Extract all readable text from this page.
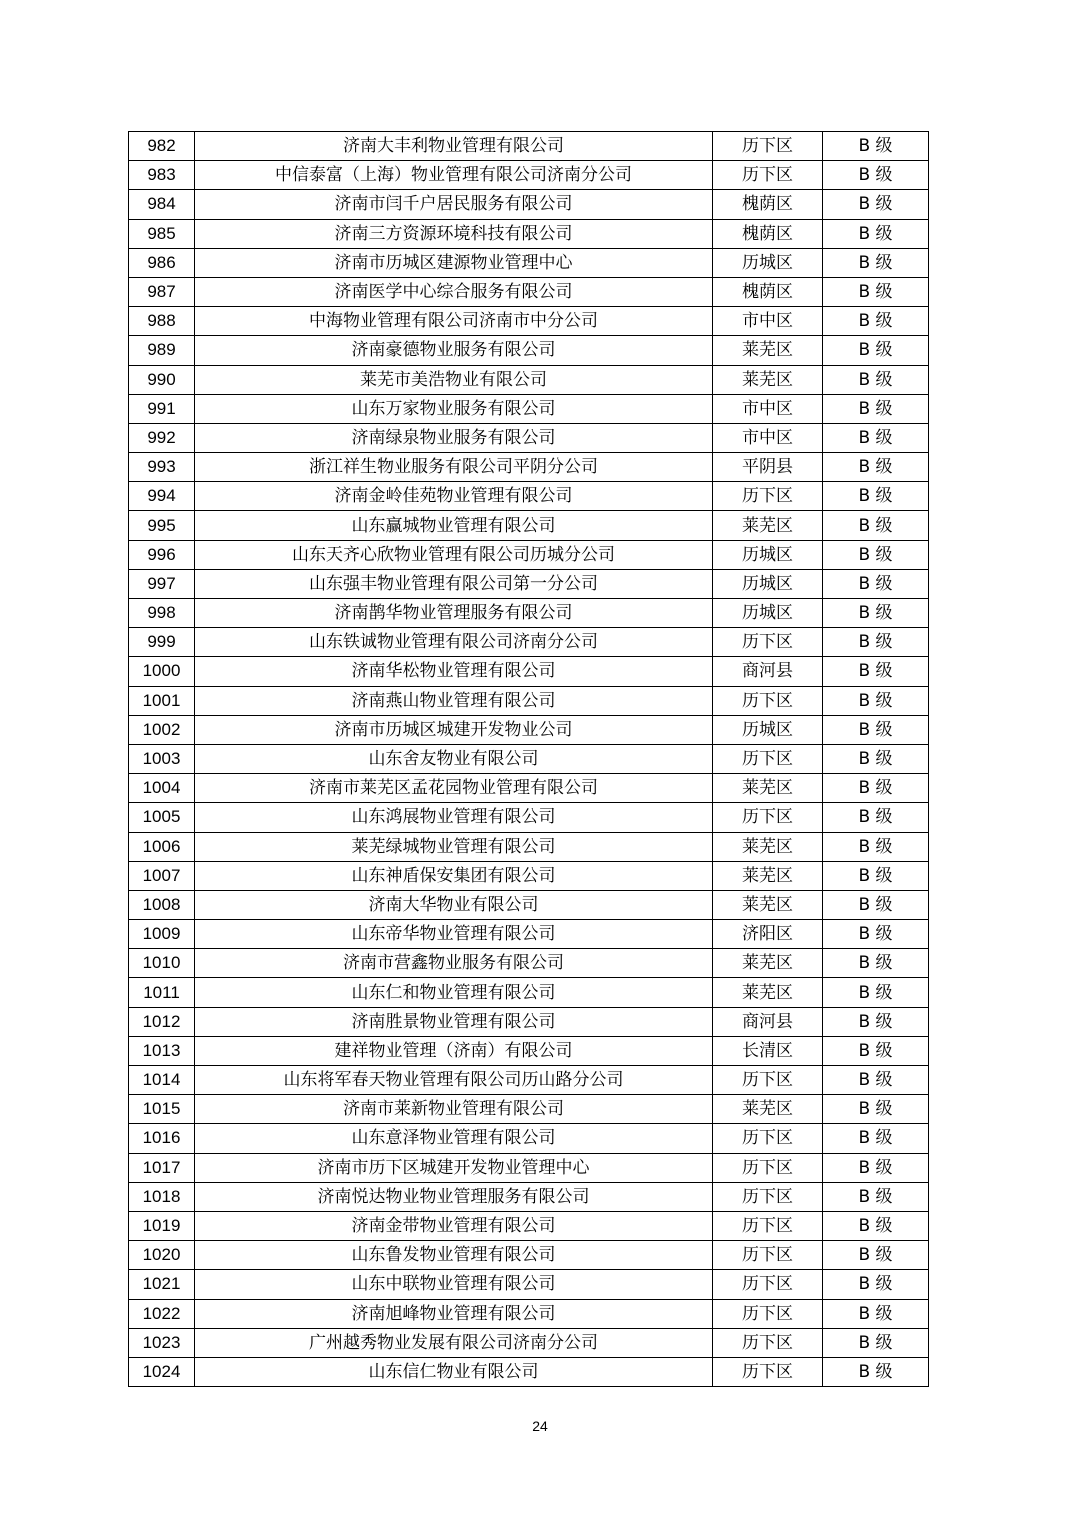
982	济南大丰利物业管理有限公司	历下区	B 级
983	中信泰富（上海）物业管理有限公司济南分公司	历下区	B 级
984	济南市闫千户居民服务有限公司	槐荫区	B 级
985	济南三方资源环境科技有限公司	槐荫区	B 级
986	济南市历城区建源物业管理中心	历城区	B 级
987	济南医学中心综合服务有限公司	槐荫区	B 级
988	中海物业管理有限公司济南市中分公司	市中区	B 级
989	济南豪德物业服务有限公司	莱芜区	B 级
990	莱芜市美浩物业有限公司	莱芜区	B 级
991	山东万家物业服务有限公司	市中区	B 级
992	济南绿泉物业服务有限公司	市中区	B 级
993	浙江祥生物业服务有限公司平阴分公司	平阴县	B 级
994	济南金岭佳苑物业管理有限公司	历下区	B 级
995	山东赢城物业管理有限公司	莱芜区	B 级
996	山东天齐心欣物业管理有限公司历城分公司	历城区	B 级
997	山东强丰物业管理有限公司第一分公司	历城区	B 级
998	济南鹊华物业管理服务有限公司	历城区	B 级
999	山东铁诚物业管理有限公司济南分公司	历下区	B 级
1000	济南华松物业管理有限公司	商河县	B 级
1001	济南燕山物业管理有限公司	历下区	B 级
1002	济南市历城区城建开发物业公司	历城区	B 级
1003	山东舍友物业有限公司	历下区	B 级
1004	济南市莱芜区孟花园物业管理有限公司	莱芜区	B 级
1005	山东鸿展物业管理有限公司	历下区	B 级
1006	莱芜绿城物业管理有限公司	莱芜区	B 级
1007	山东神盾保安集团有限公司	莱芜区	B 级
1008	济南大华物业有限公司	莱芜区	B 级
1009	山东帝华物业管理有限公司	济阳区	B 级
1010	济南市营鑫物业服务有限公司	莱芜区	B 级
1011	山东仁和物业管理有限公司	莱芜区	B 级
1012	济南胜景物业管理有限公司	商河县	B 级
1013	建祥物业管理（济南）有限公司	长清区	B 级
1014	山东将军春天物业管理有限公司历山路分公司	历下区	B 级
1015	济南市莱新物业管理有限公司	莱芜区	B 级
1016	山东意泽物业管理有限公司	历下区	B 级
1017	济南市历下区城建开发物业管理中心	历下区	B 级
1018	济南悦达物业物业管理服务有限公司	历下区	B 级
1019	济南金带物业管理有限公司	历下区	B 级
1020	山东鲁发物业管理有限公司	历下区	B 级
1021	山东中联物业管理有限公司	历下区	B 级
1022	济南旭峰物业管理有限公司	历下区	B 级
1023	广州越秀物业发展有限公司济南分公司	历下区	B 级
1024	山东信仁物业有限公司	历下区	B 级
24
